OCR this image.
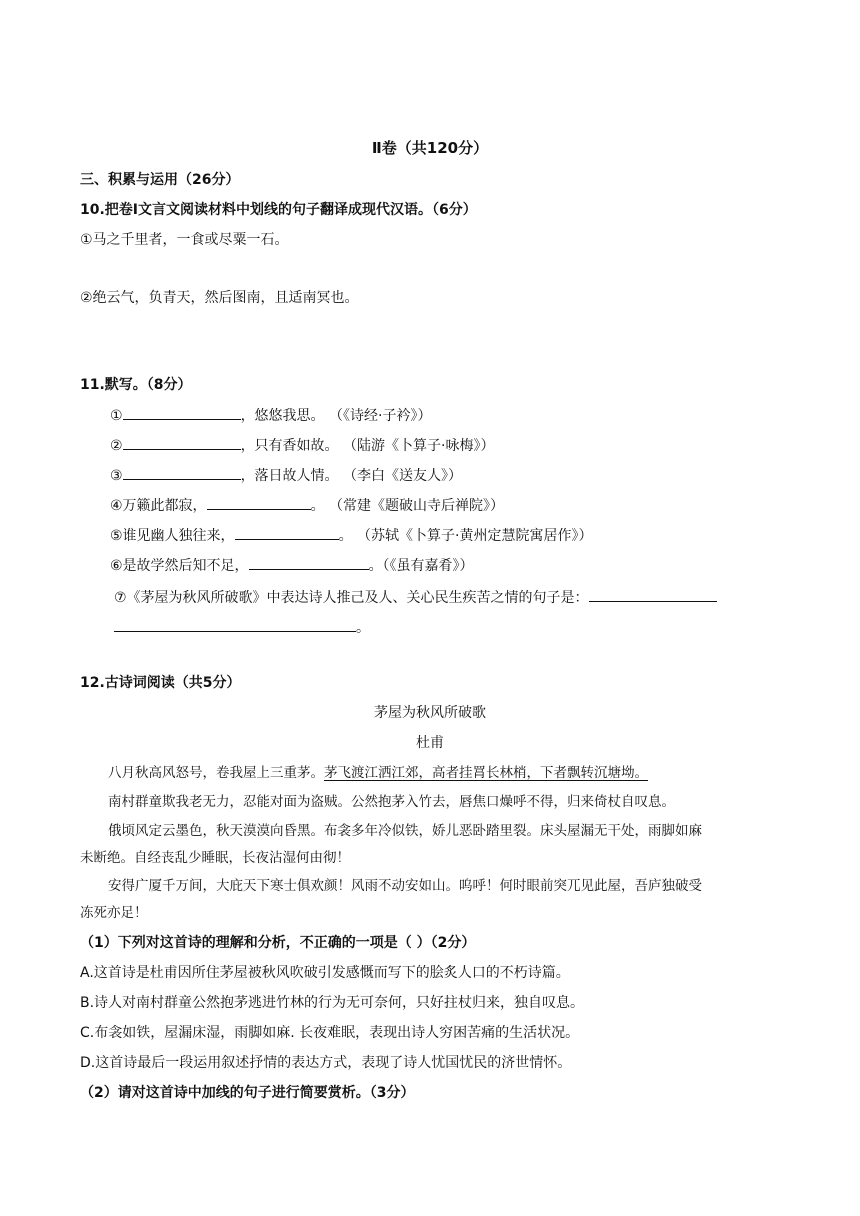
Ⅱ卷（共120分）
三、积累与运用（26分）
10.把卷Ⅰ文言文阅读材料中划线的句子翻译成现代汉语。（6分）
①马之千里者，一食或尽粟一石。
②绝云气，负青天，然后图南，且适南冥也。
11.默写。（8分）
①	，悠悠我思。 （《诗经·子衿》）
②	，只有香如故。 （陆游《卜算子·咏梅》）
③	，落日故人情。 （李白《送友人》）
④万籁此都寂，	。 （常建《题破山寺后禅院》）
⑤谁见幽人独往来，	。 （苏轼《卜算子·黄州定慧院寓居作》）
⑥是故学然后知不足，	。（《虽有嘉肴》）
⑦《茅屋为秋风所破歌》中表达诗人推己及人、关心民生疾苦之情的句子是：
。
12.古诗词阅读（共5分）
茅屋为秋风所破歌
杜甫
八月秋高风怒号，卷我屋上三重茅。茅飞渡江洒江郊，高者挂罥长林梢，下者飘转沉塘坳。
南村群童欺我老无力，忍能对面为盗贼。公然抱茅入竹去，唇焦口燥呼不得，归来倚杖自叹息。
俄顷风定云墨色，秋天漠漠向昏黑。布衾多年冷似铁，娇儿恶卧踏里裂。床头屋漏无干处，雨脚如麻
未断绝。自经丧乱少睡眠，长夜沾湿何由彻！
安得广厦千万间，大庇天下寒士俱欢颜！风雨不动安如山。呜呼！何时眼前突兀见此屋，吾庐独破受
冻死亦足！
（1）下列对这首诗的理解和分析，不正确的一项是（ ）（2分）
A.这首诗是杜甫因所住茅屋被秋风吹破引发感慨而写下的脍炙人口的不朽诗篇。
B.诗人对南村群童公然抱茅逃进竹林的行为无可奈何，只好拄杖归来，独自叹息。
C.布衾如铁，屋漏床湿，雨脚如麻. 长夜难眠，表现出诗人穷困苦痛的生活状况。
D.这首诗最后一段运用叙述抒情的表达方式，表现了诗人忧国忧民的济世情怀。
（2）请对这首诗中加线的句子进行简要赏析。（3分）
